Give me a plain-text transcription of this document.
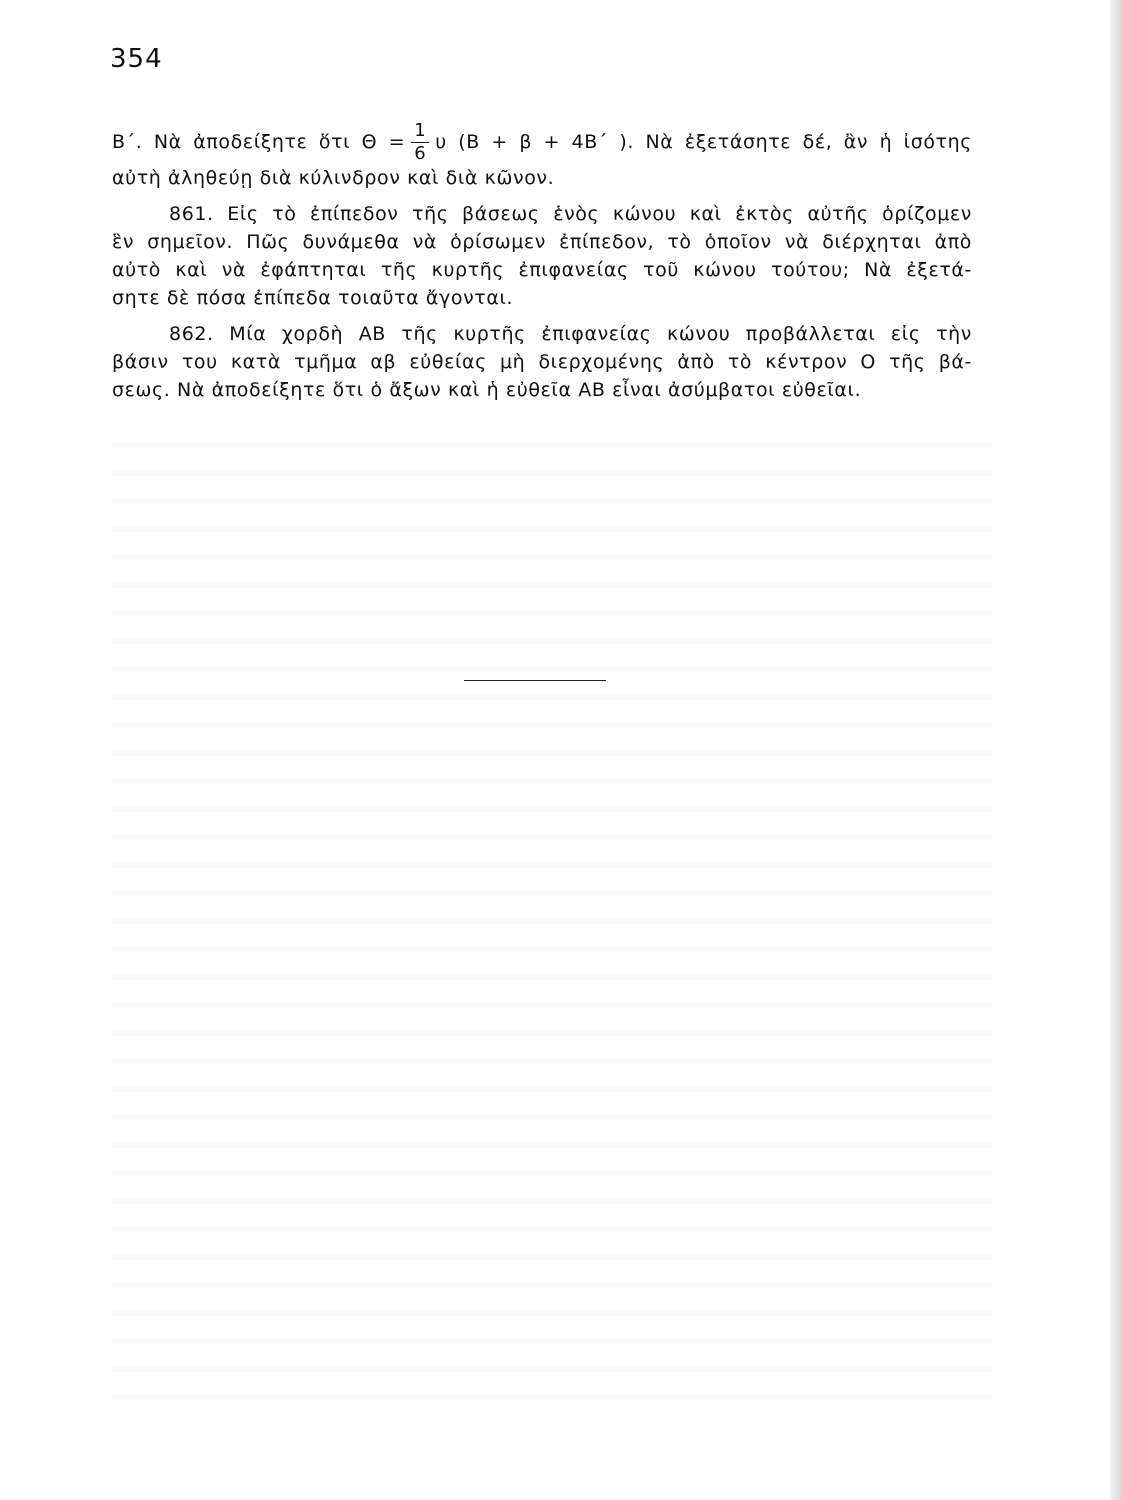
354
Β΄. Νὰ ἀποδείξητε ὅτι $\Theta = \frac{1}{6}$ υ (Β + β + 4Β΄ ). Νὰ ἐξετάσητε δέ, ἂν ἡ ἰσότης
αὐτὴ ἀληθεύῃ διὰ κύλινδρον καὶ διὰ κῶνον.
861. Εἰς τὸ ἐπίπεδον τῆς βάσεως ἑνὸς κώνου καὶ ἐκτὸς αὐτῆς ὁρίζομεν
ἓν σημεῖον. Πῶς δυνάμεθα νὰ ὁρίσωμεν ἐπίπεδον, τὸ ὁποῖον νὰ διέρχηται ἀπὸ
αὐτὸ καὶ νὰ ἐφάπτηται τῆς κυρτῆς ἐπιφανείας τοῦ κώνου τούτου; Νὰ ἐξετά-
σητε δὲ πόσα ἐπίπεδα τοιαῦτα ἄγονται.
862. Μία χορδὴ ΑΒ τῆς κυρτῆς ἐπιφανείας κώνου προβάλλεται εἰς τὴν
βάσιν του κατὰ τμῆμα αβ εὐθείας μὴ διερχομένης ἀπὸ τὸ κέντρον Ο τῆς βά-
σεως. Νὰ ἀποδείξητε ὅτι ὁ ἄξων καὶ ἡ εὐθεῖα ΑΒ εἶναι ἀσύμβατοι εὐθεῖαι.
